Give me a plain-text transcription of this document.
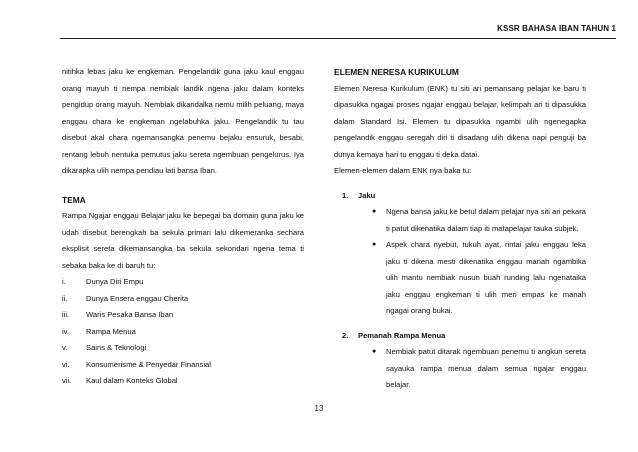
KSSR BAHASA IBAN TAHUN 1

nitihka lebas jaku ke engkeman. Pengelandik guna jaku kaul enggau orang mayuh ti nempa nembiak landik ngena jaku dalam konteks pengidup orang mayuh. Nembiak dikandalka nemu milih peluang, maya enggau chara ke engkeman ngelabuhka jaku. Pengelandik tu tau disebut akal chara ngemansangka penemu bejaku ensuruk, besabi, rentang lebuh nentuka pemutus jaku sereta ngembuan pengelurus. Iya dikarapka ulih nempa pendiau lati bansa Iban.

TEMA

Rampa Ngajar enggau Belajar jaku ke bepegai ba domain guna jaku ke udah disebut berengkah ba sekula primari lalu dikemeranka sechara eksplisit sereta dikemansangka ba sekula sekondari ngena tema ti sebaka baka ke di baruh tu:

i.	Dunya Diri Empu
ii.	Dunya Ensera enggau Cherita
iii.	Waris Pesaka Bansa Iban
iv.	Rampa Menua
v.	Sains & Teknologi
vi.	Konsumerisme & Penyedar Finansial
vii.	Kaul dalam Konteks Global

ELEMEN NERESA KURIKULUM

Elemen Neresa Kurikulum (ENK) tu siti ari pemansang pelajar ke baru ti dipasukka ngagai proses ngajar enggau belajar, kelimpah ari ti dipasukka dalam Standard Isi. Elemen tu dipasukka ngambi ulih ngenegapka pengelandik enggau seregah diri ti disadang ulih dikena napi penguji ba dunya kemaya hari tu enggau ti deka datai.

Elemen-elemen dalam ENK nya baka tu:

1. Jaku

●	Ngena bansa jaku ke betul dalam pelajar nya siti ari pekara ti patut dikenatika dalam tiap iti matapelajar tauka subjek.
●	Aspek chara nyebut, tukuh ayat, rintai jaku enggau leka jaku ti dikena mesti dikenatika enggau manah ngambika ulih mantu nembiak nusun buah runding lalu ngenataika jaku enggau engkeman ti ulih meri empas ke manah ngagai orang bukai.

2. Pemanah Rampa Menua

●	Nembiak patut ditarak ngembuan penemu ti angkun sereta sayauka rampa menua dalam semua ngajar enggau belajar.
13
